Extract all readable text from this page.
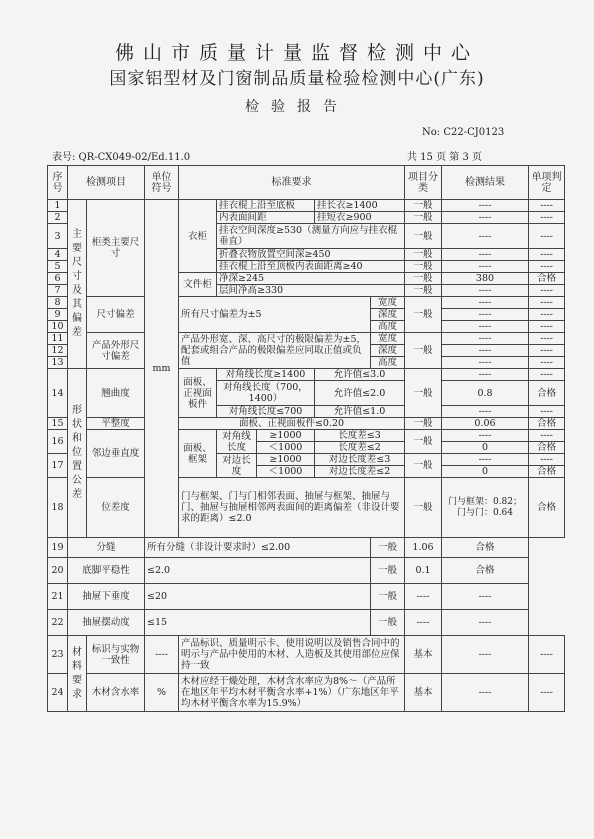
佛山市质量计量监督检测中心
国家铝型材及门窗制品质量检验检测中心(广东)
检验报告
No: C22-CJ0123
表号: QR-CX049-02/Ed.11.0	共 15 页 第 3 页
序号	检测项目		单位符号	标准要求					项目分类	检测结果	单项判定
1	主要尺寸及其偏差	柜类主要尺寸	mm	衣柜	挂衣棍上沿至底板		挂长衣≥1400		一般	----	----
2					内表面间距		挂短衣≥900		一般	----	----
3					挂衣空间深度≥530（测量方向应与挂衣棍垂直）				一般	----	----
4					折叠衣物放置空间深≥450				一般	----	----
5					挂衣棍上沿至顶板内表面距离≥40				一般	----	----
6				文件柜	净深≥245				一般	380	合格
7					层间净高≥330				一般	----	----
8		尺寸偏差		所有尺寸偏差为±5				宽度	一般	----	----
9								深度		----	----
10								高度		----	----
11		产品外形尺寸偏差		产品外形宽、深、高尺寸的极限偏差为±5，配套或组合产品的极限偏差应同取正值或负值				宽度	一般	----	----
12								深度		----	----
13								高度		----	----
14	形状和位置公差	翘曲度		面板、正视面板件	对角线长度≥1400		允许值≤3.0		一般	----	----
					对角线长度（700，1400）		允许值≤2.0			0.8	合格
					对角线长度≤700		允许值≤1.0			----	----
15		平整度		面板、正视面板件≤0.20					一般	0.06	合格
16		邻边垂直度		面板、框架	对角线长度	≥1000	长度差≤3		一般	----	----
						＜1000	长度差≤2			0	合格
17					对边长度	≥1000	对边长度差≤3		一般	----	----
						＜1000	对边长度差≤2			0	合格
18		位差度		门与框架、门与门相邻表面、抽屉与框架、抽屉与门、抽屉与抽屉相邻两表面间的距离偏差（非设计要求的距离）≤2.0					一般	门与框架：0.82；门与门：0.64	合格
19	分缝		所有分缝（非设计要求时）≤2.00					一般	1.06	合格	
20	底脚平稳性		≤2.0					一般	0.1	合格	
21	抽屉下垂度		≤20					一般	----	----	
22	抽屉摆动度		≤15					一般	----	----	
23	材料要求	标识与实物一致性	----	产品标识、质量明示卡、使用说明以及销售合同中的明示与产品中使用的木材、人造板及其使用部位应保持一致					基本	----	----
24		木材含水率	%	木材应经干燥处理，木材含水率应为8%～（产品所在地区年平均木材平衡含水率+1%）（广东地区年平均木材平衡含水率为15.9%）					基本	----	----
